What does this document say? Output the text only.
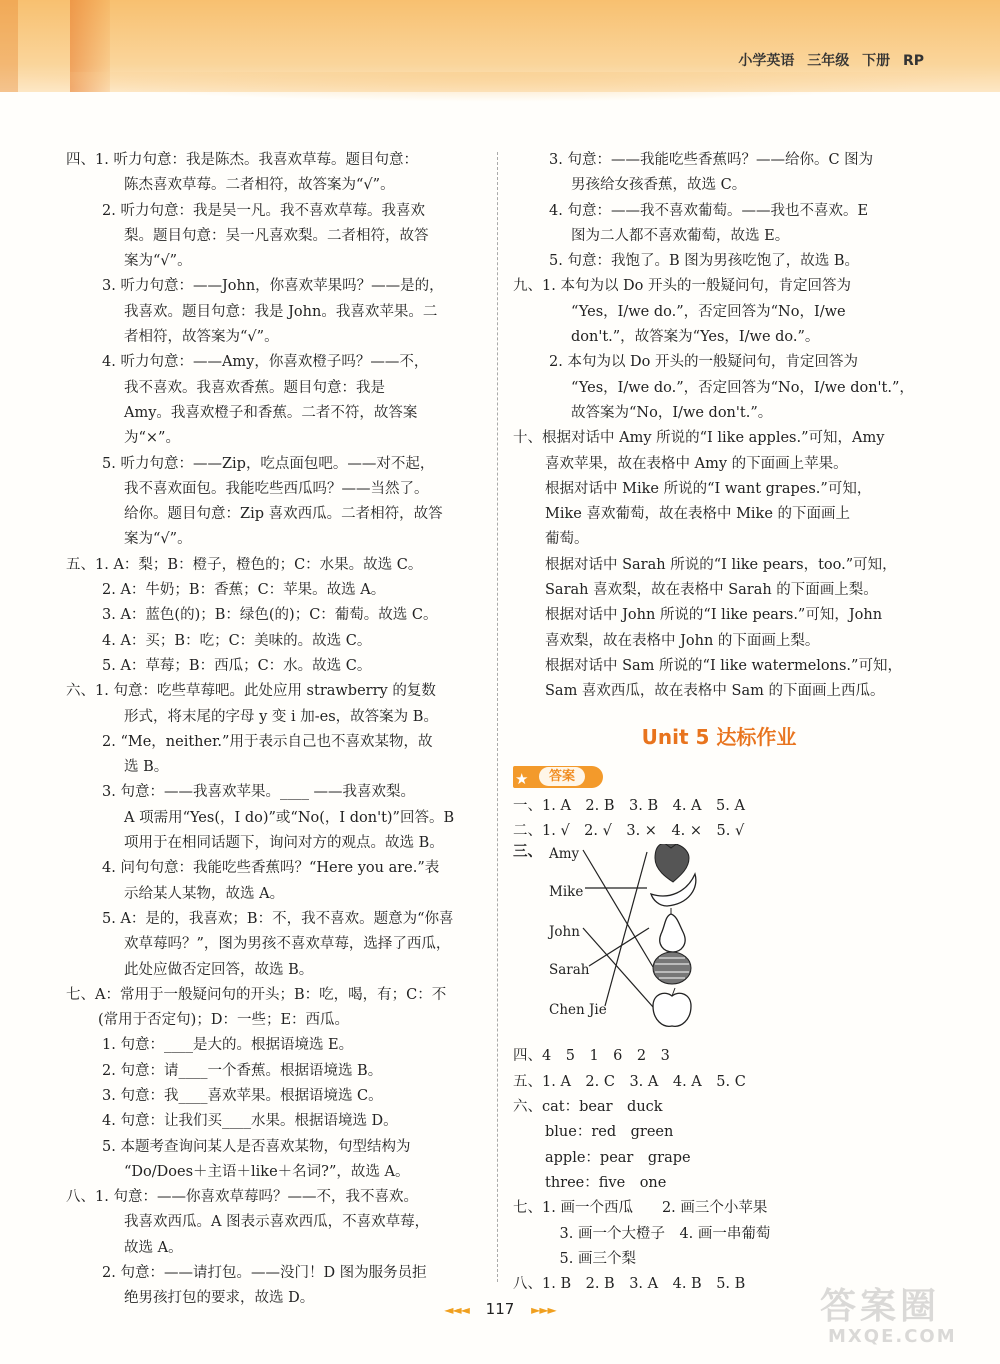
小学英语 三年级 下册 RP
四、1. 听力句意：我是陈杰。我喜欢草莓。题目句意：
陈杰喜欢草莓。二者相符，故答案为“√”。
2. 听力句意：我是吴一凡。我不喜欢草莓。我喜欢
梨。题目句意：吴一凡喜欢梨。二者相符，故答
案为“√”。
3. 听力句意：——John，你喜欢苹果吗？——是的，
我喜欢。题目句意：我是 John。我喜欢苹果。二
者相符，故答案为“√”。
4. 听力句意：——Amy，你喜欢橙子吗？——不，
我不喜欢。我喜欢香蕉。题目句意：我是
Amy。我喜欢橙子和香蕉。二者不符，故答案
为“×”。
5. 听力句意：——Zip，吃点面包吧。——对不起，
我不喜欢面包。我能吃些西瓜吗？——当然了。
给你。题目句意：Zip 喜欢西瓜。二者相符，故答
案为“√”。
五、1. A：梨；B：橙子，橙色的；C：水果。故选 C。
2. A：牛奶；B：香蕉；C：苹果。故选 A。
3. A：蓝色(的)；B：绿色(的)；C：葡萄。故选 C。
4. A：买；B：吃；C：美味的。故选 C。
5. A：草莓；B：西瓜；C：水。故选 C。
六、1. 句意：吃些草莓吧。此处应用 strawberry 的复数
形式，将末尾的字母 y 变 i 加-es，故答案为 B。
2. “Me，neither.”用于表示自己也不喜欢某物，故
选 B。
3. 句意：——我喜欢苹果。____ ——我喜欢梨。
A 项需用“Yes(，I do)”或“No(，I don't)”回答。B
项用于在相同话题下，询问对方的观点。故选 B。
4. 问句句意：我能吃些香蕉吗？“Here you are.”表
示给某人某物，故选 A。
5. A：是的，我喜欢；B：不，我不喜欢。题意为“你喜
欢草莓吗？”，图为男孩不喜欢草莓，选择了西瓜，
此处应做否定回答，故选 B。
七、A：常用于一般疑问句的开头；B：吃，喝，有；C：不
(常用于否定句)；D：一些；E：西瓜。
1. 句意：____是大的。根据语境选 E。
2. 句意：请____一个香蕉。根据语境选 B。
3. 句意：我____喜欢苹果。根据语境选 C。
4. 句意：让我们买____水果。根据语境选 D。
5. 本题考查询问某人是否喜欢某物，句型结构为
“Do/Does＋主语＋like＋名词?”，故选 A。
八、1. 句意：——你喜欢草莓吗？——不，我不喜欢。
我喜欢西瓜。A 图表示喜欢西瓜，不喜欢草莓，
故选 A。
2. 句意：——请打包。——没门！D 图为服务员拒
绝男孩打包的要求，故选 D。
3. 句意：——我能吃些香蕉吗？——给你。C 图为
男孩给女孩香蕉，故选 C。
4. 句意：——我不喜欢葡萄。——我也不喜欢。E
图为二人都不喜欢葡萄，故选 E。
5. 句意：我饱了。B 图为男孩吃饱了，故选 B。
九、1. 本句为以 Do 开头的一般疑问句，肯定回答为
“Yes，I/we do.”，否定回答为“No，I/we
don't.”，故答案为“Yes，I/we do.”。
2. 本句为以 Do 开头的一般疑问句，肯定回答为
“Yes，I/we do.”，否定回答为“No，I/we don't.”，
故答案为“No，I/we don't.”。
十、根据对话中 Amy 所说的“I like apples.”可知，Amy
喜欢苹果，故在表格中 Amy 的下面画上苹果。
根据对话中 Mike 所说的“I want grapes.”可知，
Mike 喜欢葡萄，故在表格中 Mike 的下面画上
葡萄。
根据对话中 Sarah 所说的“I like pears，too.”可知，
Sarah 喜欢梨，故在表格中 Sarah 的下面画上梨。
根据对话中 John 所说的“I like pears.”可知，John
喜欢梨，故在表格中 John 的下面画上梨。
根据对话中 Sam 所说的“I like watermelons.”可知，
Sam 喜欢西瓜，故在表格中 Sam 的下面画上西瓜。
Unit 5 达标作业
★	答案
一、1. A　2. B　3. B　4. A　5. A
二、1. √　2. √　3. ×　4. ×　5. √
三、 Amy
Mike
John
Sarah
Chen Jie
四、4　5　1　6　2　3
五、1. A　2. C　3. A　4. A　5. C
六、cat：bear　duck
blue：red　green
apple：pear　grape
three：five　one
七、1. 画一个西瓜　　2. 画三个小苹果
　3. 画一个大橙子　4. 画一串葡萄
　5. 画三个梨
八、1. B　2. B　3. A　4. B　5. B
◄◄◄ 117 ►►►	答案圈
MXQE.COM
